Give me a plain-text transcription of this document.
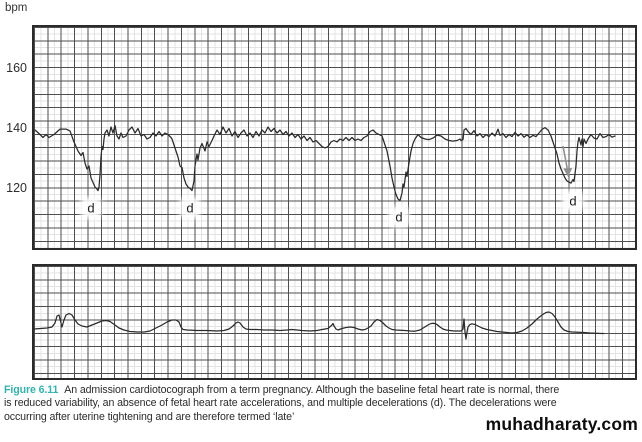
bpm
160
140
120
d	d
d
d
Figure 6.11 An admission cardiotocograph from a term pregnancy. Although the baseline fetal heart rate is normal, there
is reduced variability, an absence of fetal heart rate accelerations, and multiple decelerations (d). The decelerations were
occurring after uterine tightening and are therefore termed ‘late’	muhadharaty.com
